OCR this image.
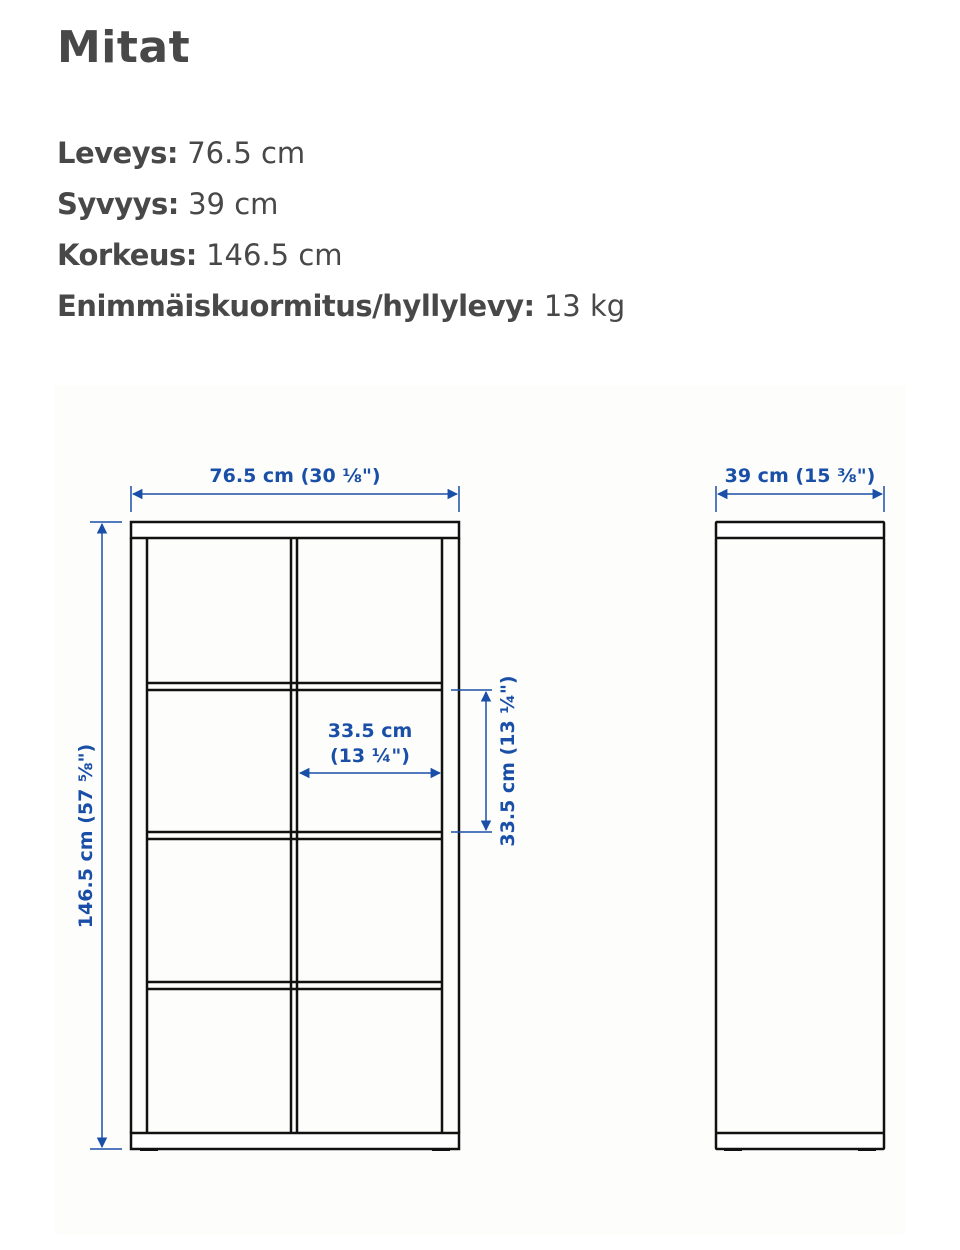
Mitat
Leveys: 76.5 cm
Syvyys: 39 cm
Korkeus: 146.5 cm
Enimmäiskuormitus/hyllylevy: 13 kg
76.5 cm (30 ⅛")
146.5 cm (57 ⅝")
33.5 cm
(13 ¼")	33.5 cm (13 ¼")
39 cm (15 ⅜")
